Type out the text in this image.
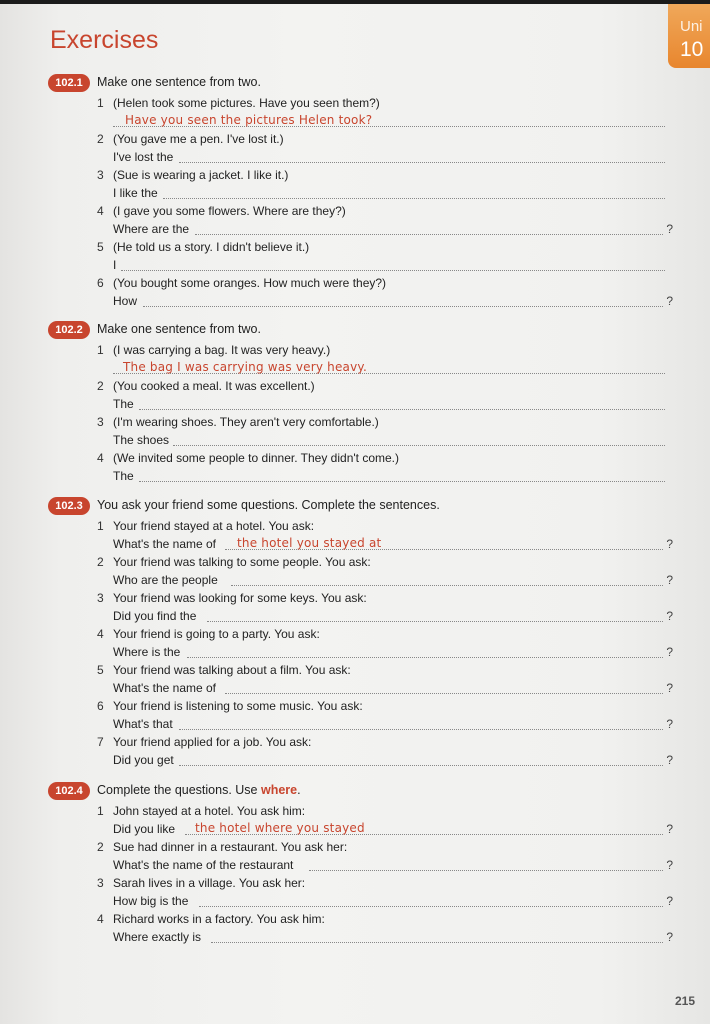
Uni
10
Exercises
102.1	Make one sentence from two.
1 (Helen took some pictures. Have you seen them?)
Have you seen the pictures Helen took?
2 (You gave me a pen. I've lost it.)
I've lost the
3 (Sue is wearing a jacket. I like it.)
I like the
4 (I gave you some flowers. Where are they?)
Where are the	?
5 (He told us a story. I didn't believe it.)
I
6 (You bought some oranges. How much were they?)
How	?
102.2	Make one sentence from two.
1 (I was carrying a bag. It was very heavy.)
The bag I was carrying was very heavy.
2 (You cooked a meal. It was excellent.)
The
3 (I'm wearing shoes. They aren't very comfortable.)
The shoes
4 (We invited some people to dinner. They didn't come.)
The
102.3	You ask your friend some questions. Complete the sentences.
1 Your friend stayed at a hotel. You ask:
What's the name of the hotel you stayed at	?
2 Your friend was talking to some people. You ask:
Who are the people	?
3 Your friend was looking for some keys. You ask:
Did you find the	?
4 Your friend is going to a party. You ask:
Where is the	?
5 Your friend was talking about a film. You ask:
What's the name of	?
6 Your friend is listening to some music. You ask:
What's that	?
7 Your friend applied for a job. You ask:
Did you get	?
102.4	Complete the questions. Use where.
1 John stayed at a hotel. You ask him:
Did you like the hotel where you stayed	?
2 Sue had dinner in a restaurant. You ask her:
What's the name of the restaurant	?
3 Sarah lives in a village. You ask her:
How big is the	?
4 Richard works in a factory. You ask him:
Where exactly is	?
215
